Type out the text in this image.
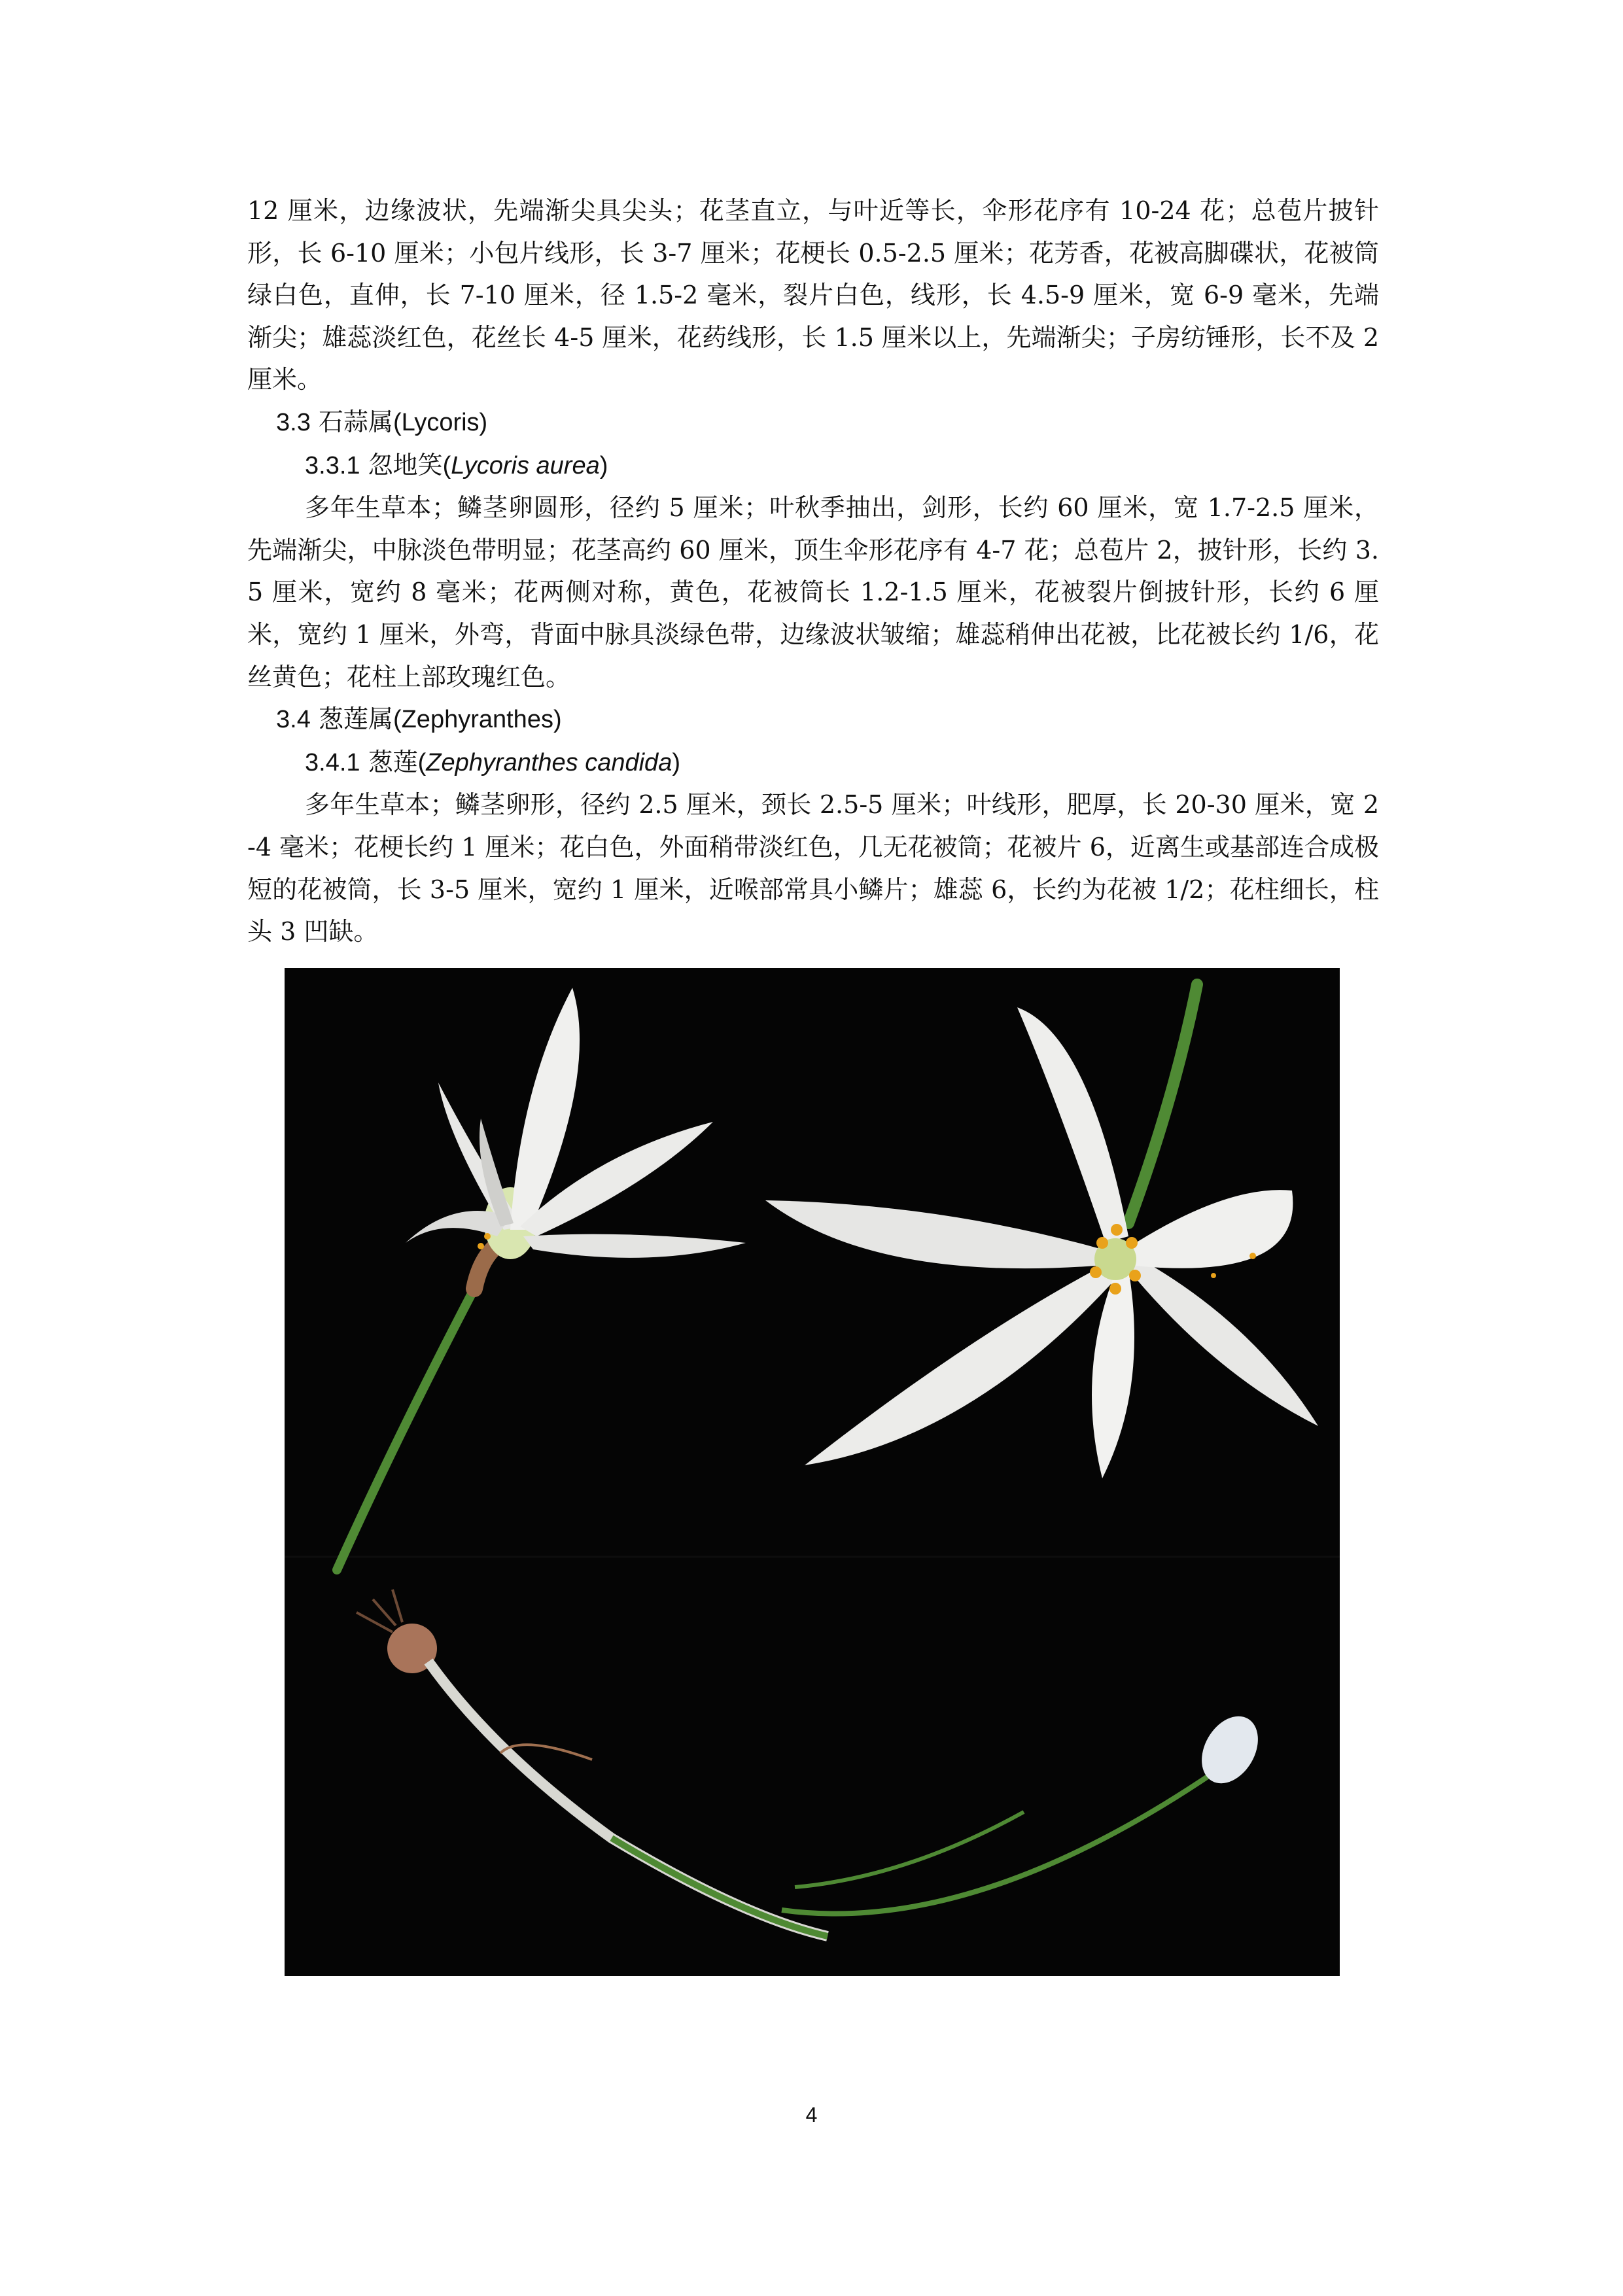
12 厘米，边缘波状，先端渐尖具尖头；花茎直立，与叶近等长，伞形花序有 10-24 花；总苞片披针形，长 6-10 厘米；小包片线形，长 3-7 厘米；花梗长 0.5-2.5 厘米；花芳香，花被高脚碟状，花被筒绿白色，直伸，长 7-10 厘米，径 1.5-2 毫米，裂片白色，线形，长 4.5-9 厘米，宽 6-9 毫米，先端渐尖；雄蕊淡红色，花丝长 4-5 厘米，花药线形，长 1.5 厘米以上，先端渐尖；子房纺锤形，长不及 2 厘米。

3.3 石蒜属(Lycoris)

3.3.1 忽地笑(Lycoris aurea)

多年生草本；鳞茎卵圆形，径约 5 厘米；叶秋季抽出，剑形，长约 60 厘米，宽 1.7-2.5 厘米，先端渐尖，中脉淡色带明显；花茎高约 60 厘米，顶生伞形花序有 4-7 花；总苞片 2，披针形，长约 3.5 厘米，宽约 8 毫米；花两侧对称，黄色，花被筒长 1.2-1.5 厘米，花被裂片倒披针形，长约 6 厘米，宽约 1 厘米，外弯，背面中脉具淡绿色带，边缘波状皱缩；雄蕊稍伸出花被，比花被长约 1/6，花丝黄色；花柱上部玫瑰红色。

3.4 葱莲属(Zephyranthes)

3.4.1 葱莲(Zephyranthes candida)

多年生草本；鳞茎卵形，径约 2.5 厘米，颈长 2.5-5 厘米；叶线形，肥厚，长 20-30 厘米，宽 2-4 毫米；花梗长约 1 厘米；花白色，外面稍带淡红色，几无花被筒；花被片 6，近离生或基部连合成极短的花被筒，长 3-5 厘米，宽约 1 厘米，近喉部常具小鳞片；雄蕊 6，长约为花被 1/2；花柱细长，柱头 3 凹缺。

4
